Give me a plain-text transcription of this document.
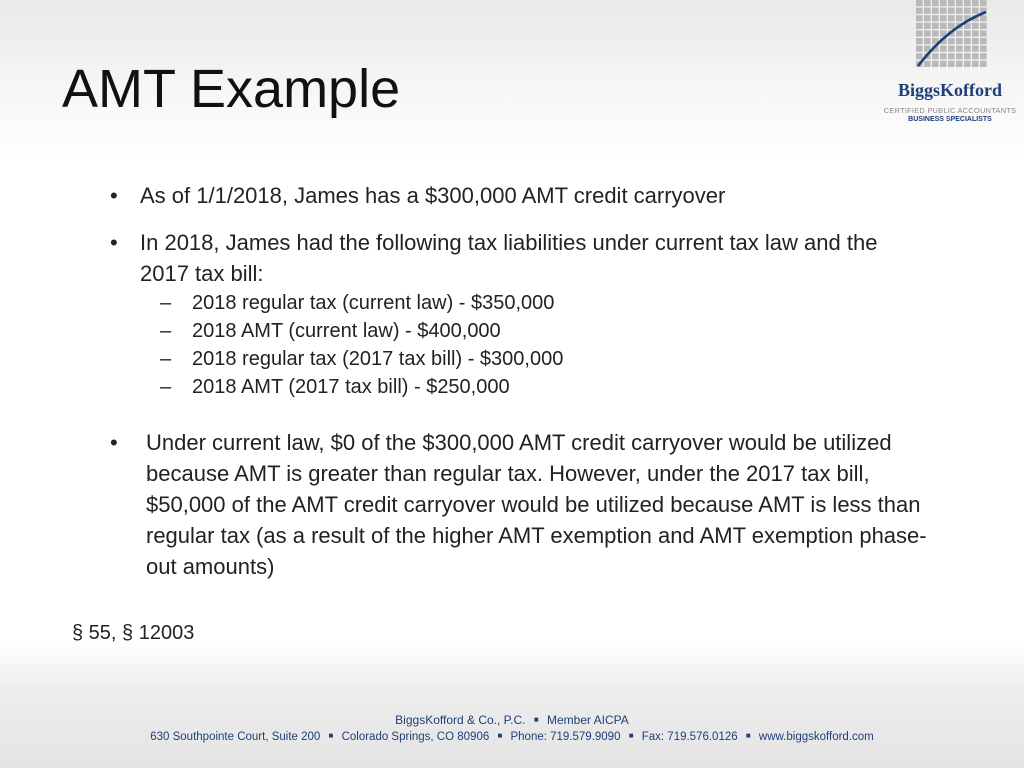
AMT Example	BiggsKofford
CERTIFIED PUBLIC ACCOUNTANTS
BUSINESS SPECIALISTS
• As of 1/1/2018, James has a $300,000 AMT credit carryover
• In 2018, James had the following tax liabilities under current tax law and the 2017 tax bill:
– 2018 regular tax (current law) - $350,000
– 2018 AMT (current law) - $400,000
– 2018 regular tax (2017 tax bill) - $300,000
– 2018 AMT (2017 tax bill) - $250,000
• Under current law, $0 of the $300,000 AMT credit carryover would be utilized because AMT is greater than regular tax. However, under the 2017 tax bill, $50,000 of the AMT credit carryover would be utilized because AMT is less than regular tax (as a result of the higher AMT exemption and AMT exemption phase-out amounts)
§ 55, § 12003
BiggsKofford & Co., P.C. ■ Member AICPA
630 Southpointe Court, Suite 200 ■ Colorado Springs, CO 80906 ■ Phone: 719.579.9090 ■ Fax: 719.576.0126 ■ www.biggskofford.com
